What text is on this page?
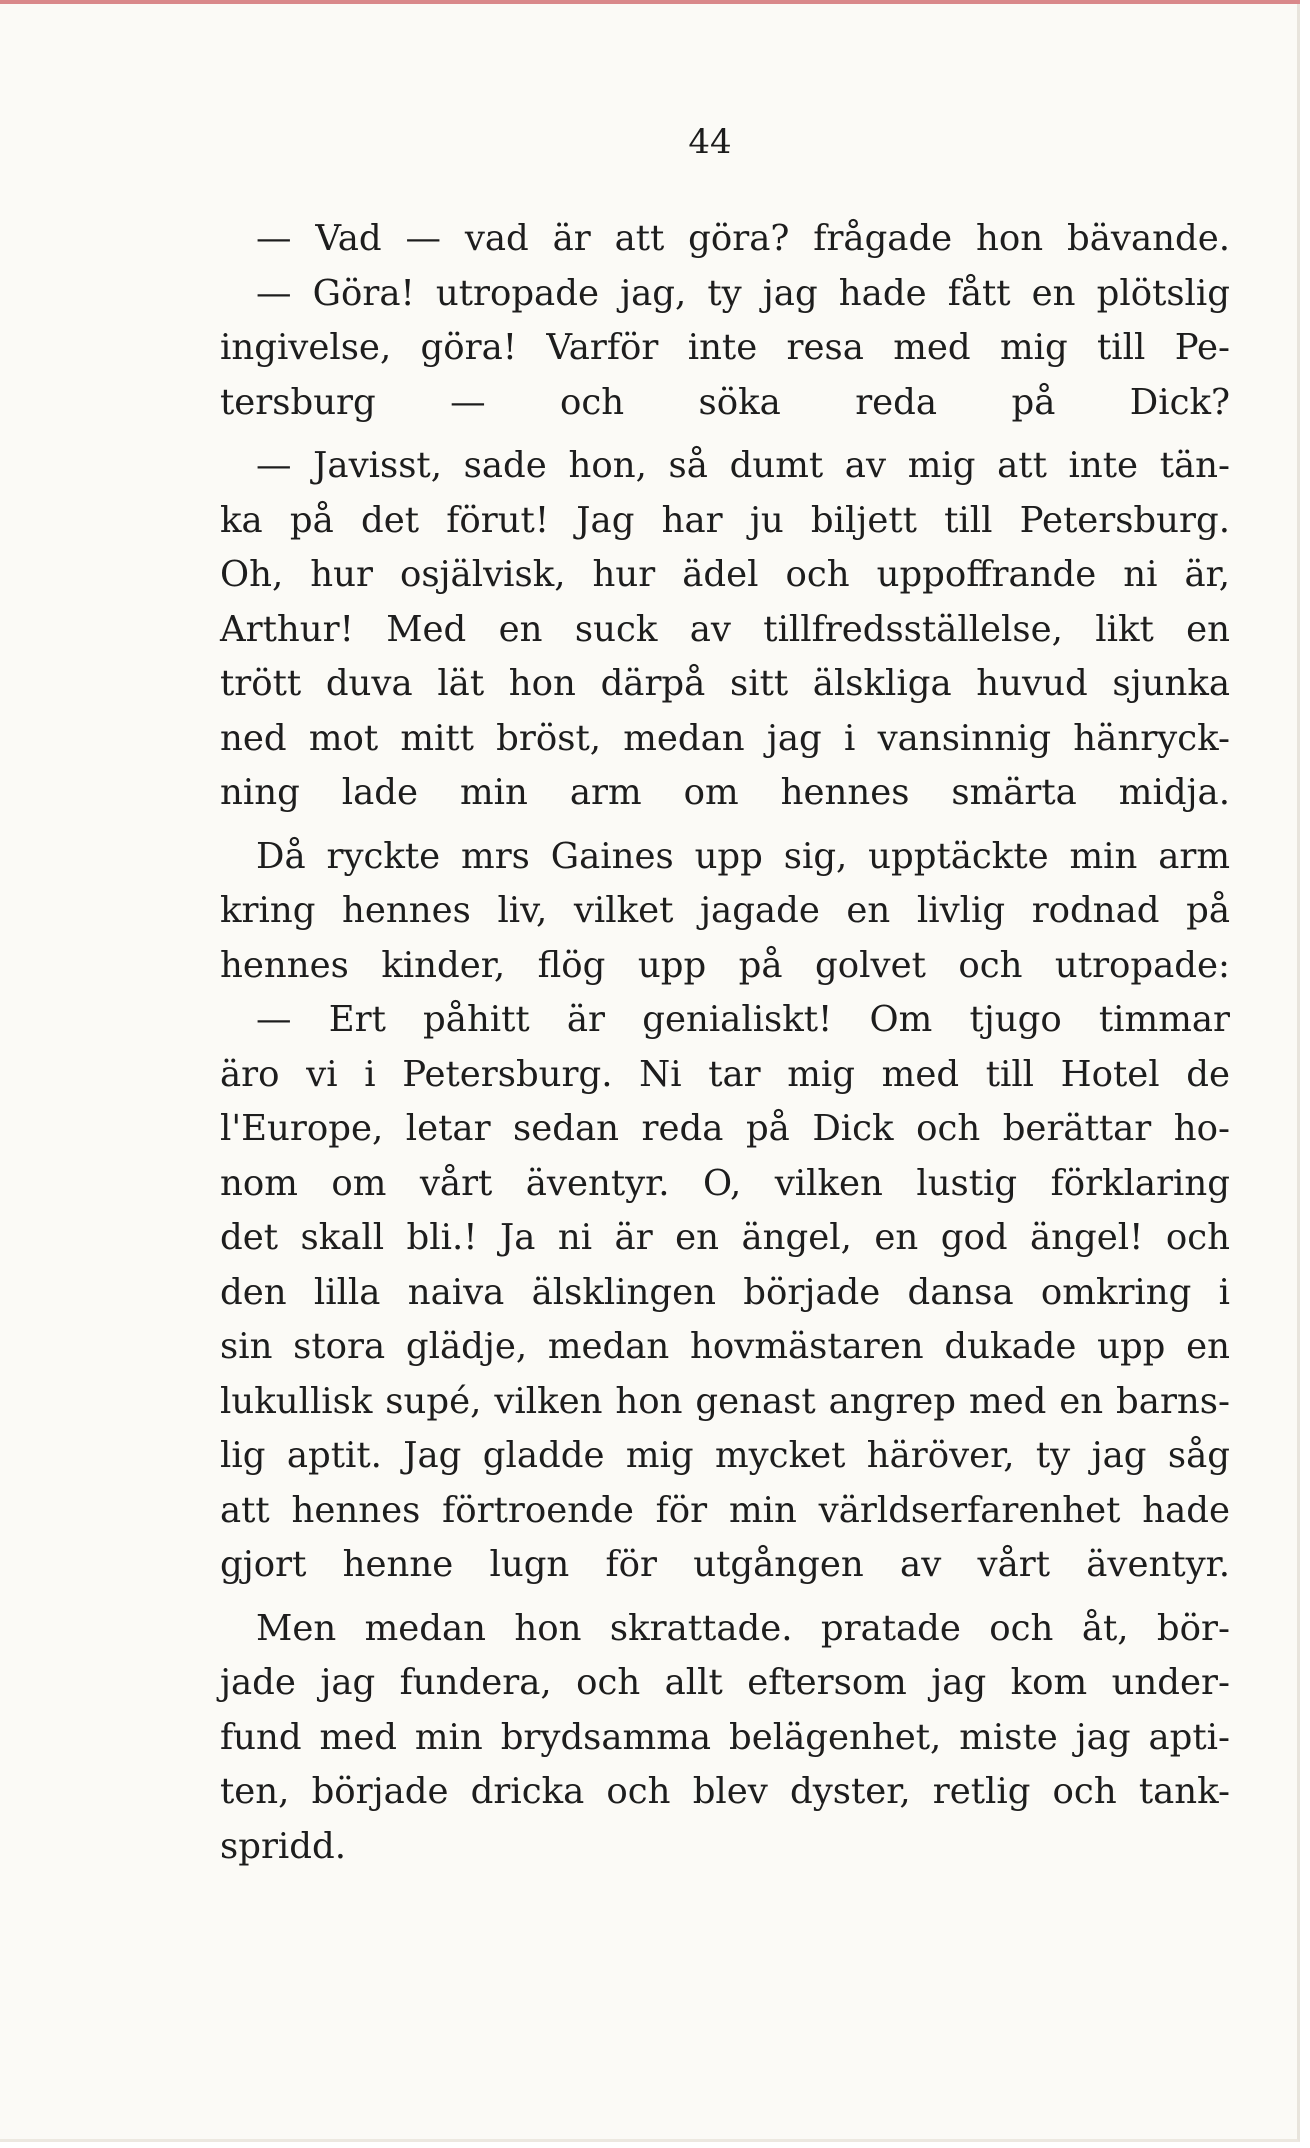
44
— Vad — vad är att göra? frågade hon bävande.
— Göra! utropade jag, ty jag hade fått en plötslig
ingivelse, göra! Varför inte resa med mig till Pe-
tersburg — och söka reda på Dick?
— Javisst, sade hon, så dumt av mig att inte tän-
ka på det förut! Jag har ju biljett till Petersburg.
Oh, hur osjälvisk, hur ädel och uppoffrande ni är,
Arthur! Med en suck av tillfredsställelse, likt en
trött duva lät hon därpå sitt älskliga huvud sjunka
ned mot mitt bröst, medan jag i vansinnig hänryck-
ning lade min arm om hennes smärta midja.
Då ryckte mrs Gaines upp sig, upptäckte min arm
kring hennes liv, vilket jagade en livlig rodnad på
hennes kinder, flög upp på golvet och utropade:
— Ert påhitt är genialiskt! Om tjugo timmar
äro vi i Petersburg. Ni tar mig med till Hotel de
l'Europe, letar sedan reda på Dick och berättar ho-
nom om vårt äventyr. O, vilken lustig förklaring
det skall bli.! Ja ni är en ängel, en god ängel! och
den lilla naiva älsklingen började dansa omkring i
sin stora glädje, medan hovmästaren dukade upp en
lukullisk supé, vilken hon genast angrep med en barns-
lig aptit. Jag gladde mig mycket häröver, ty jag såg
att hennes förtroende för min världserfarenhet hade
gjort henne lugn för utgången av vårt äventyr.
Men medan hon skrattade. pratade och åt, bör-
jade jag fundera, och allt eftersom jag kom under-
fund med min brydsamma belägenhet, miste jag apti-
ten, började dricka och blev dyster, retlig och tank-
spridd.
